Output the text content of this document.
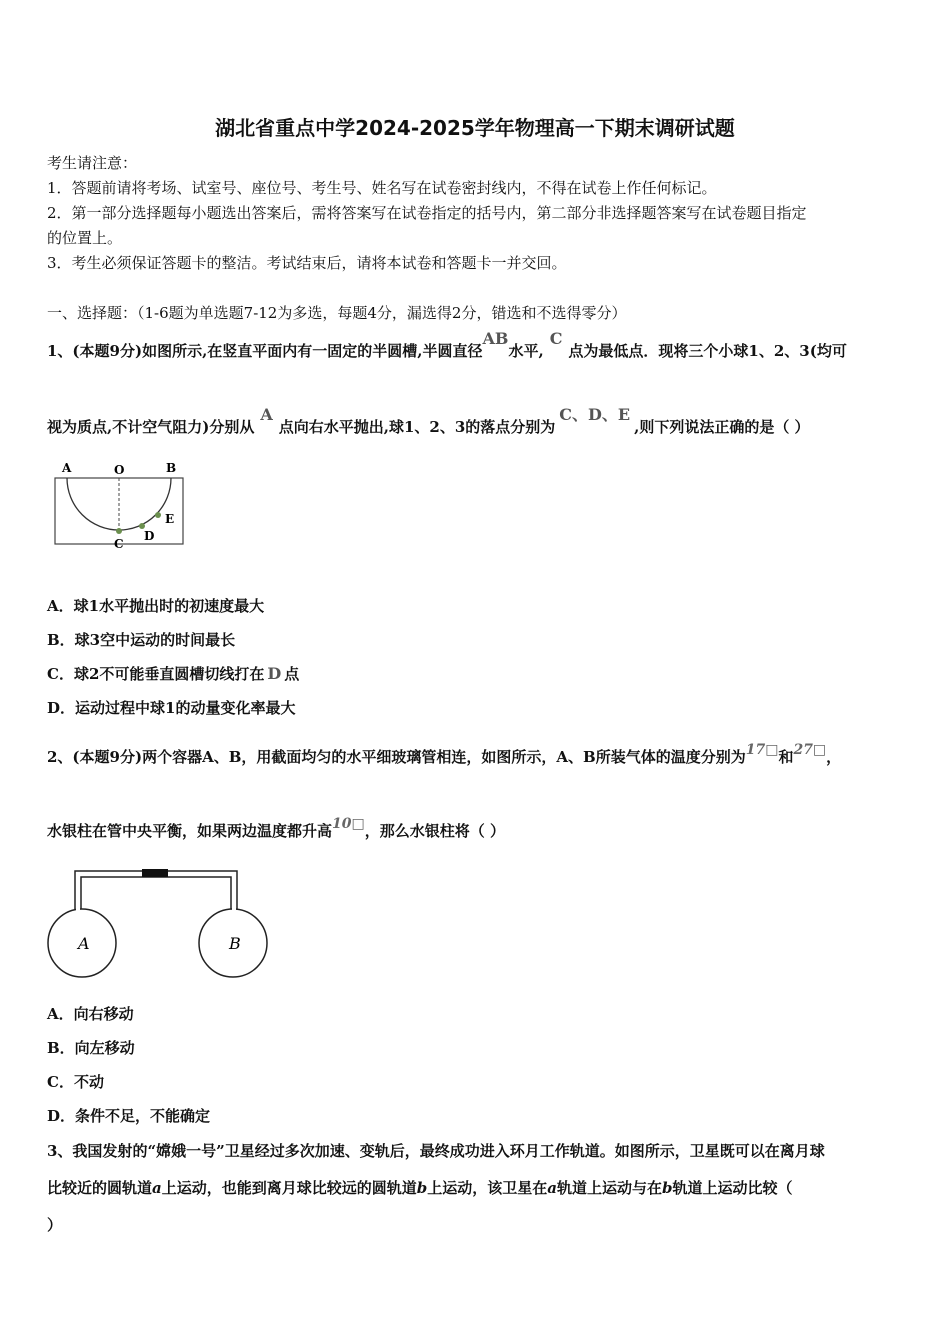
湖北省重点中学2024-2025学年物理高一下期末调研试题
考生请注意：
1．答题前请将考场、试室号、座位号、考生号、姓名写在试卷密封线内，不得在试卷上作任何标记。
2．第一部分选择题每小题选出答案后，需将答案写在试卷指定的括号内，第二部分非选择题答案写在试卷题目指定
的位置上。
3．考生必须保证答题卡的整洁。考试结束后，请将本试卷和答题卡一并交回。
一、选择题：（1-6题为单选题7-12为多选，每题4分，漏选得2分，错选和不选得零分）
1、(本题9分)如图所示,在竖直平面内有一固定的半圆槽,半圆直径AB水平,C点为最低点．现将三个小球1、2、3(均可
视为质点,不计空气阻力)分别从A点向右水平抛出,球1、2、3的落点分别为C、D、E,则下列说法正确的是（ ）
A	O	B
C
D
E
A．球1水平抛出时的初速度最大
B．球3空中运动的时间最长
C．球2不可能垂直圆槽切线打在 D 点
D．运动过程中球1的动量变化率最大
2、(本题9分)两个容器A、B，用截面均匀的水平细玻璃管相连，如图所示，A、B所装气体的温度分别为17□和27□，
水银柱在管中央平衡，如果两边温度都升高10□，那么水银柱将（ ）
A	B
A．向右移动
B．向左移动
C．不动
D．条件不足，不能确定
3、我国发射的“嫦娥一号”卫星经过多次加速、变轨后，最终成功进入环月工作轨道。如图所示，卫星既可以在离月球
比较近的圆轨道a上运动，也能到离月球比较远的圆轨道b上运动，该卫星在a轨道上运动与在b轨道上运动比较（
）
